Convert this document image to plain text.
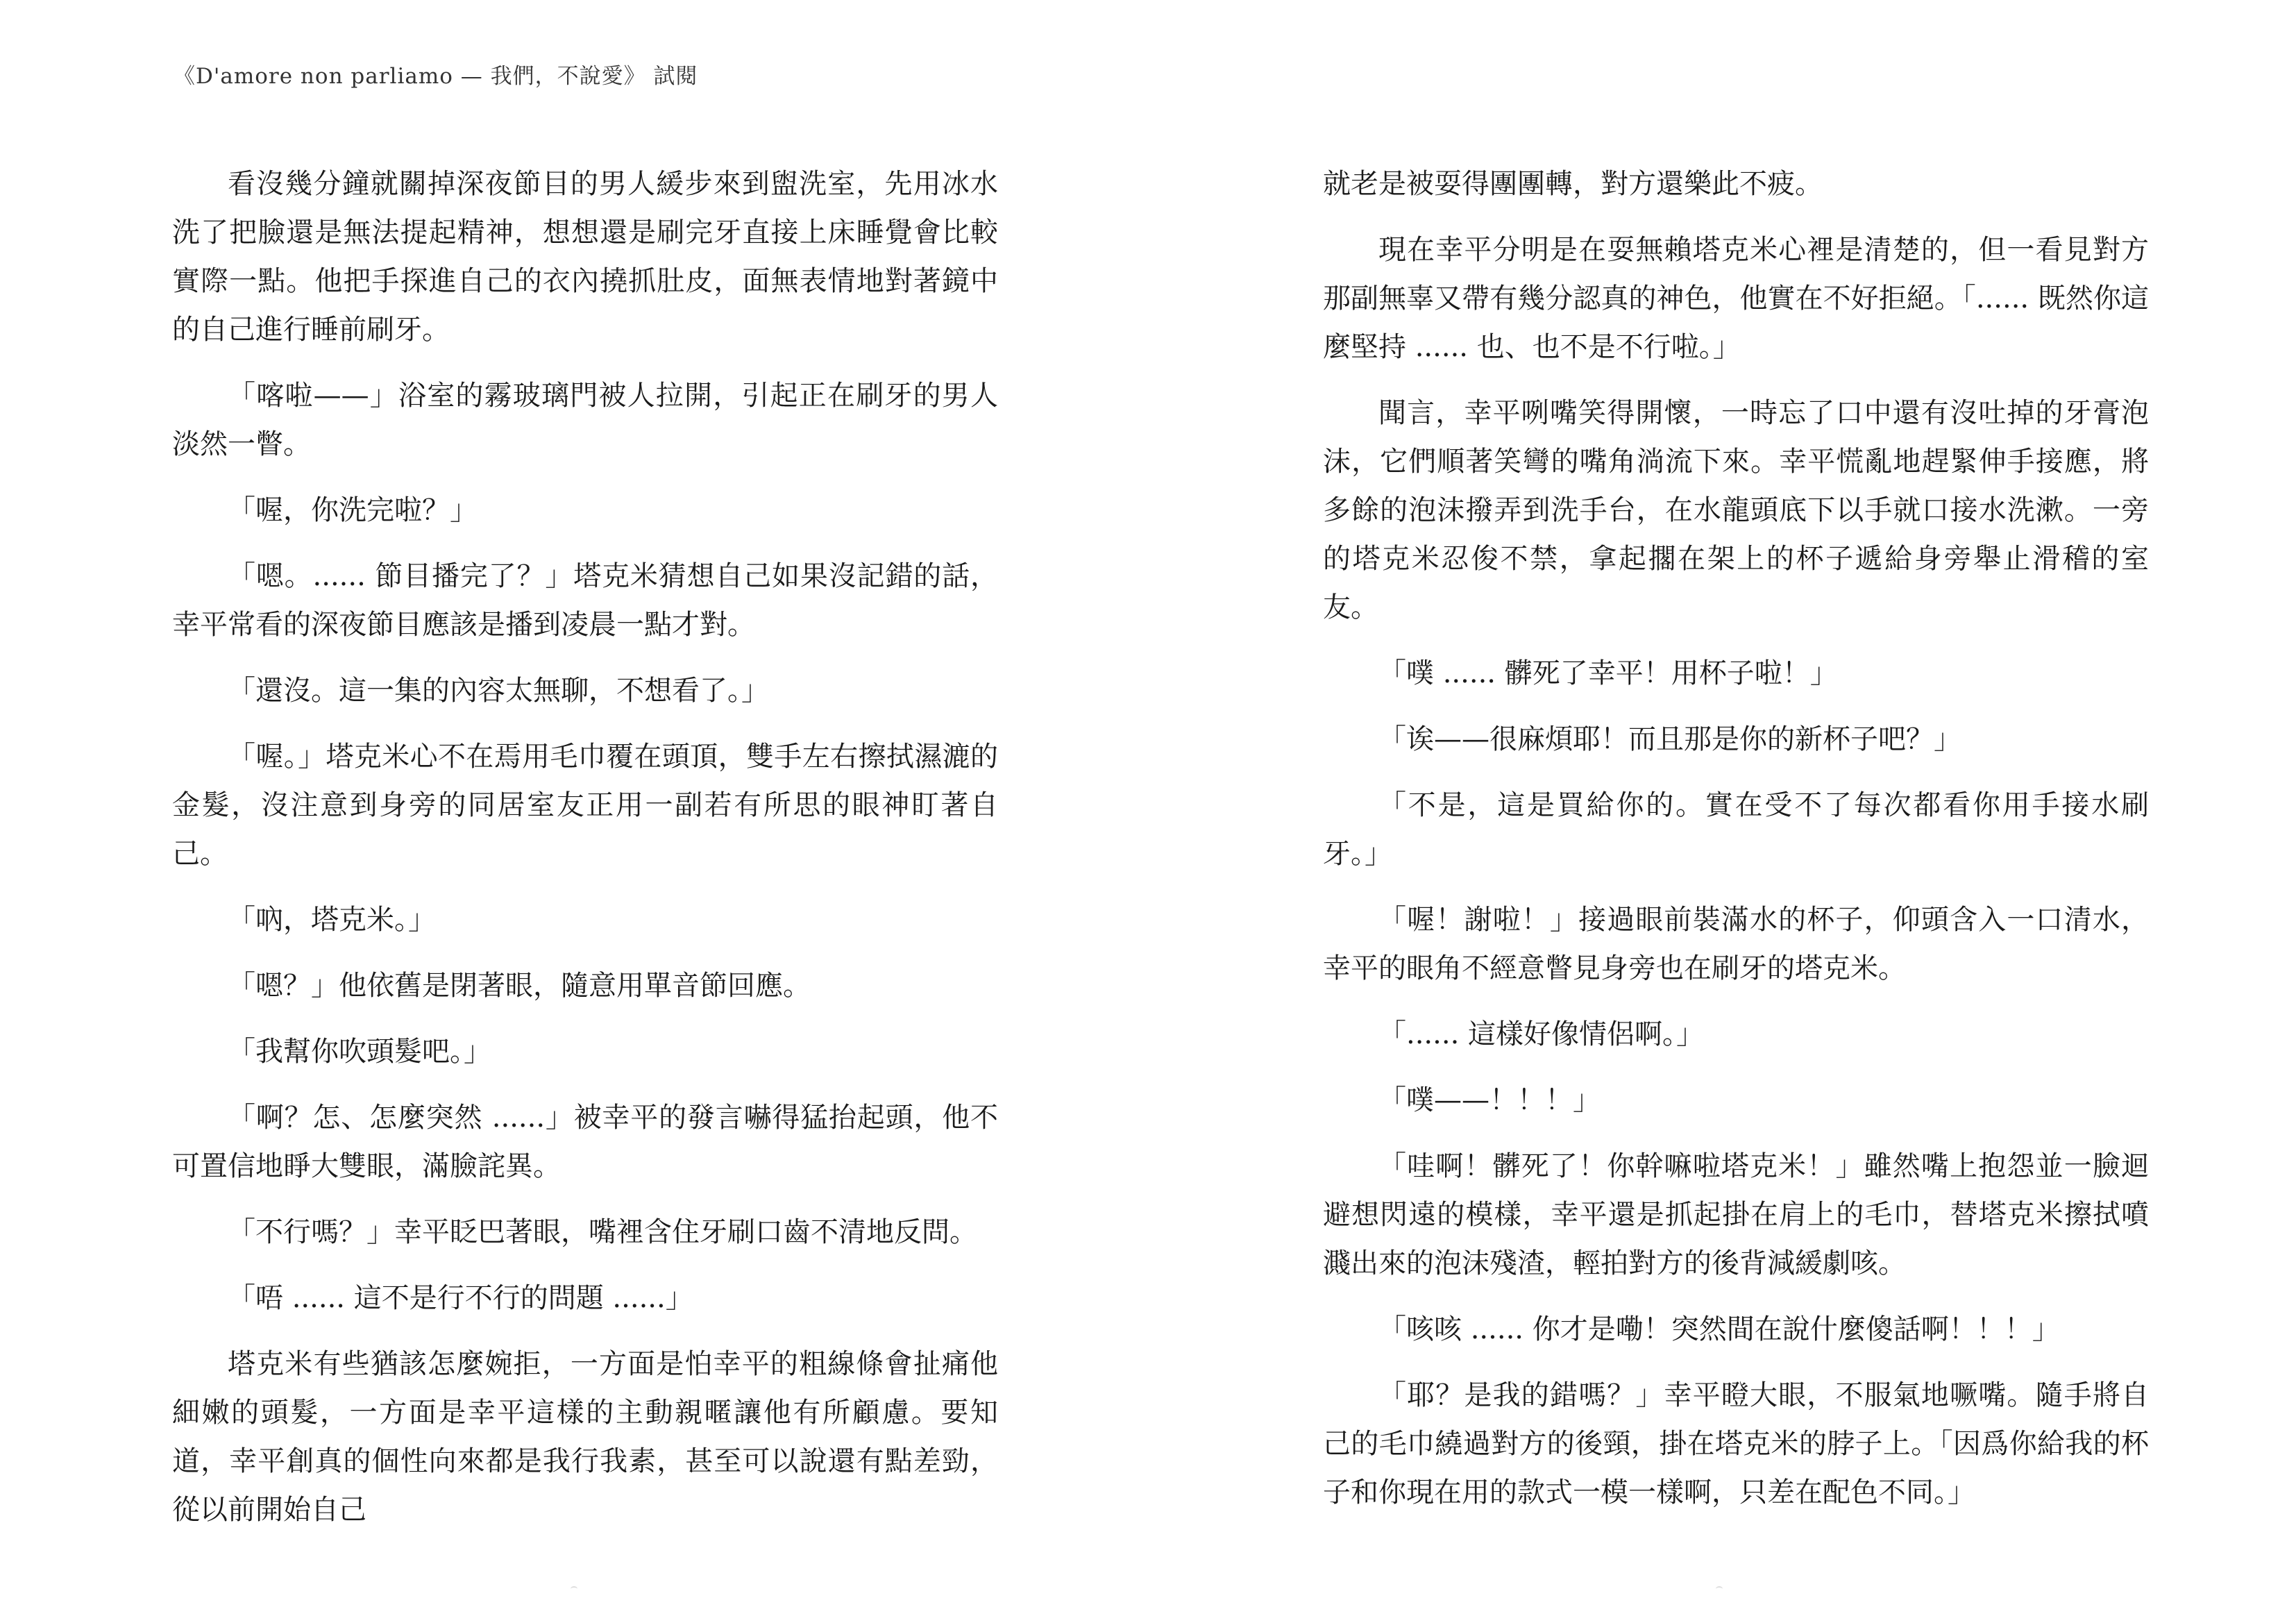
《D'amore non parliamo — 我們，不說愛》 試閱

看沒幾分鐘就關掉深夜節目的男人緩步來到盥洗室，先用冰水洗了把臉還是無法提起精神，想想還是刷完牙直接上床睡覺會比較實際一點。他把手探進自己的衣內撓抓肚皮，面無表情地對著鏡中的自己進行睡前刷牙。

「喀啦——」浴室的霧玻璃門被人拉開，引起正在刷牙的男人淡然一瞥。

「喔，你洗完啦？」

「嗯。...... 節目播完了？」塔克米猜想自己如果沒記錯的話，幸平常看的深夜節目應該是播到凌晨一點才對。

「還沒。這一集的內容太無聊，不想看了。」

「喔。」塔克米心不在焉用毛巾覆在頭頂，雙手左右擦拭濕漉的金髮，沒注意到身旁的同居室友正用一副若有所思的眼神盯著自己。

「吶，塔克米。」

「嗯？」他依舊是閉著眼，隨意用單音節回應。

「我幫你吹頭髮吧。」

「啊？怎、怎麼突然 ......」被幸平的發言嚇得猛抬起頭，他不可置信地睜大雙眼，滿臉詫異。

「不行嗎？」幸平眨巴著眼，嘴裡含住牙刷口齒不清地反問。

「唔 ...... 這不是行不行的問題 ......」

塔克米有些猶該怎麼婉拒，一方面是怕幸平的粗線條會扯痛他細嫩的頭髮，一方面是幸平這樣的主動親暱讓他有所顧慮。要知道，幸平創真的個性向來都是我行我素，甚至可以說還有點差勁，從以前開始自己

就老是被耍得團團轉，對方還樂此不疲。

現在幸平分明是在耍無賴塔克米心裡是清楚的，但一看見對方那副無辜又帶有幾分認真的神色，他實在不好拒絕。「...... 既然你這麼堅持 ...... 也、也不是不行啦。」

聞言，幸平咧嘴笑得開懷，一時忘了口中還有沒吐掉的牙膏泡沫，它們順著笑彎的嘴角淌流下來。幸平慌亂地趕緊伸手接應，將多餘的泡沫撥弄到洗手台，在水龍頭底下以手就口接水洗漱。一旁的塔克米忍俊不禁，拿起擱在架上的杯子遞給身旁舉止滑稽的室友。

「噗 ...... 髒死了幸平！用杯子啦！」

「诶——很麻煩耶！而且那是你的新杯子吧？」

「不是，這是買給你的。實在受不了每次都看你用手接水刷牙。」

「喔！謝啦！」接過眼前裝滿水的杯子，仰頭含入一口清水，幸平的眼角不經意瞥見身旁也在刷牙的塔克米。

「...... 這樣好像情侶啊。」

「噗——！！！」

「哇啊！髒死了！你幹嘛啦塔克米！」雖然嘴上抱怨並一臉迴避想閃遠的模樣，幸平還是抓起掛在肩上的毛巾，替塔克米擦拭噴濺出來的泡沫殘渣，輕拍對方的後背減緩劇咳。

「咳咳 ...... 你才是嘞！突然間在說什麼傻話啊！！！」

「耶？是我的錯嗎？」幸平瞪大眼，不服氣地噘嘴。隨手將自己的毛巾繞過對方的後頸，掛在塔克米的脖子上。「因爲你給我的杯子和你現在用的款式一模一樣啊，只差在配色不同。」
